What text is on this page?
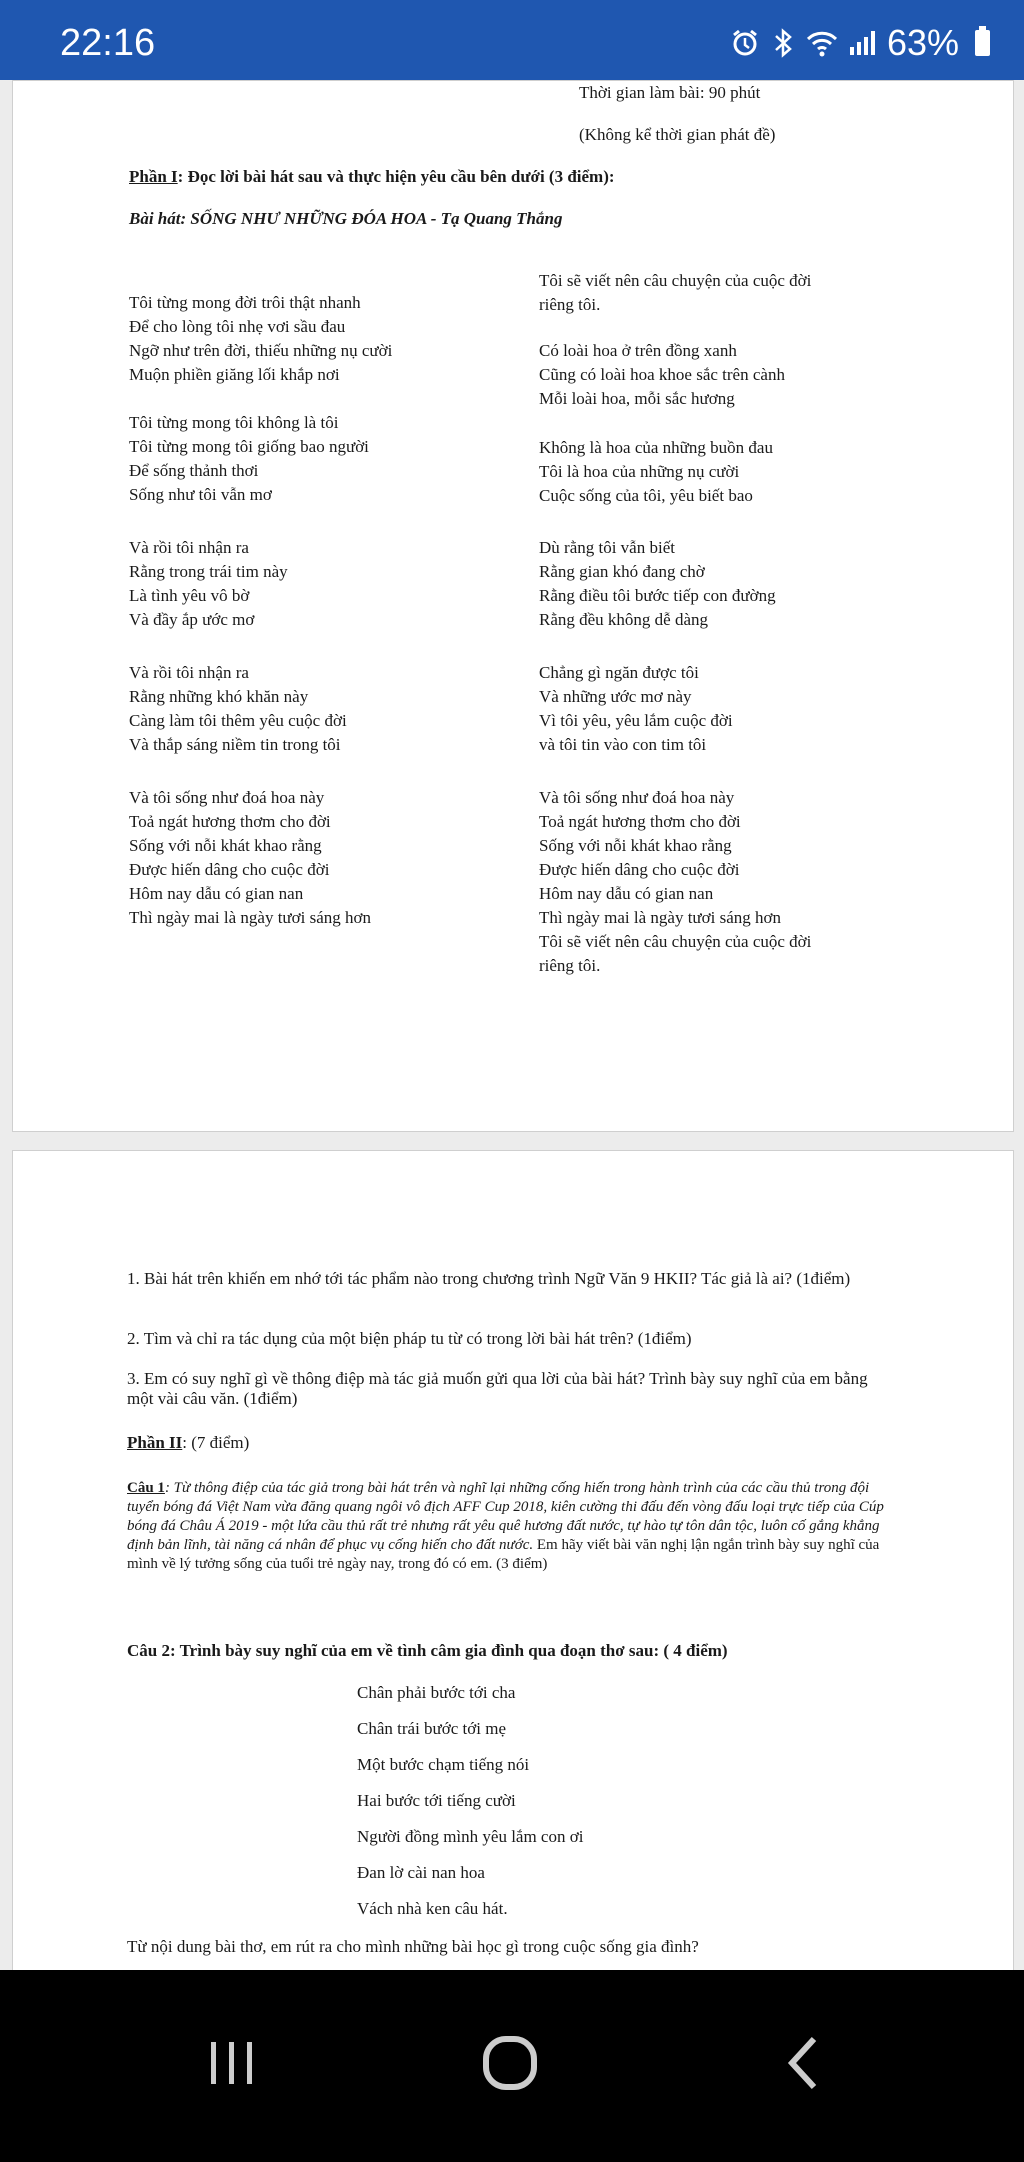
22:16	63%
Thời gian làm bài: 90 phút
(Không kể thời gian phát đề)
Phần I: Đọc lời bài hát sau và thực hiện yêu cầu bên dưới (3 điểm):
Bài hát: SỐNG NHƯ NHỮNG ĐÓA HOA - Tạ Quang Thắng
Tôi từng mong đời trôi thật nhanh
Để cho lòng tôi nhẹ vơi sầu đau
Ngỡ như trên đời, thiếu những nụ cười
Muộn phiền giăng lối khắp nơi
Tôi từng mong tôi không là tôi
Tôi từng mong tôi giống bao người
Để sống thảnh thơi
Sống như tôi vẫn mơ
Và rồi tôi nhận ra
Rằng trong trái tim này
Là tình yêu vô bờ
Và đầy ắp ước mơ
Và rồi tôi nhận ra
Rằng những khó khăn này
Càng làm tôi thêm yêu cuộc đời
Và thắp sáng niềm tin trong tôi
Và tôi sống như đoá hoa này
Toả ngát hương thơm cho đời
Sống với nỗi khát khao rằng
Được hiến dâng cho cuộc đời
Hôm nay dẫu có gian nan
Thì ngày mai là ngày tươi sáng hơn
Tôi sẽ viết nên câu chuyện của cuộc đời
riêng tôi.
Có loài hoa ở trên đồng xanh
Cũng có loài hoa khoe sắc trên cành
Mỗi loài hoa, mỗi sắc hương
Không là hoa của những buồn đau
Tôi là hoa của những nụ cười
Cuộc sống của tôi, yêu biết bao
Dù rằng tôi vẫn biết
Rằng gian khó đang chờ
Rằng điều tôi bước tiếp con đường
Rằng đều không dễ dàng
Chẳng gì ngăn được tôi
Và những ước mơ này
Vì tôi yêu, yêu lắm cuộc đời
và tôi tin vào con tim tôi
Và tôi sống như đoá hoa này
Toả ngát hương thơm cho đời
Sống với nỗi khát khao rằng
Được hiến dâng cho cuộc đời
Hôm nay dẫu có gian nan
Thì ngày mai là ngày tươi sáng hơn
Tôi sẽ viết nên câu chuyện của cuộc đời
riêng tôi.
1. Bài hát trên khiến em nhớ tới tác phẩm nào trong chương trình Ngữ Văn 9 HKII? Tác giả là ai? (1điểm)
2. Tìm và chỉ ra tác dụng của một biện pháp tu từ có trong lời bài hát trên? (1điểm)
3. Em có suy nghĩ gì về thông điệp mà tác giả muốn gửi qua lời của bài hát? Trình bày suy nghĩ của em bằng một vài câu văn. (1điểm)
Phần II: (7 điểm)
Câu 1: Từ thông điệp của tác giả trong bài hát trên và nghĩ lại những cống hiến trong hành trình của các cầu thủ trong đội tuyển bóng đá Việt Nam vừa đăng quang ngôi vô địch AFF Cup 2018, kiên cường thi đấu đến vòng đấu loại trực tiếp của Cúp bóng đá Châu Á 2019 - một lứa cầu thủ rất trẻ nhưng rất yêu quê hương đất nước, tự hào tự tôn dân tộc, luôn cố gắng khẳng định bản lĩnh, tài năng cá nhân để phục vụ cống hiến cho đất nước. Em hãy viết bài văn nghị lận ngắn trình bày suy nghĩ của mình về lý tưởng sống của tuổi trẻ ngày nay, trong đó có em. (3 điểm)
Câu 2: Trình bày suy nghĩ của em về tình câm gia đình qua đoạn thơ sau: ( 4 điểm)
Chân phải bước tới cha
Chân trái bước tới mẹ
Một bước chạm tiếng nói
Hai bước tới tiếng cười
Người đồng mình yêu lắm con ơi
Đan lờ cài nan hoa
Vách nhà ken câu hát.
Từ nội dung bài thơ, em rút ra cho mình những bài học gì trong cuộc sống gia đình?
